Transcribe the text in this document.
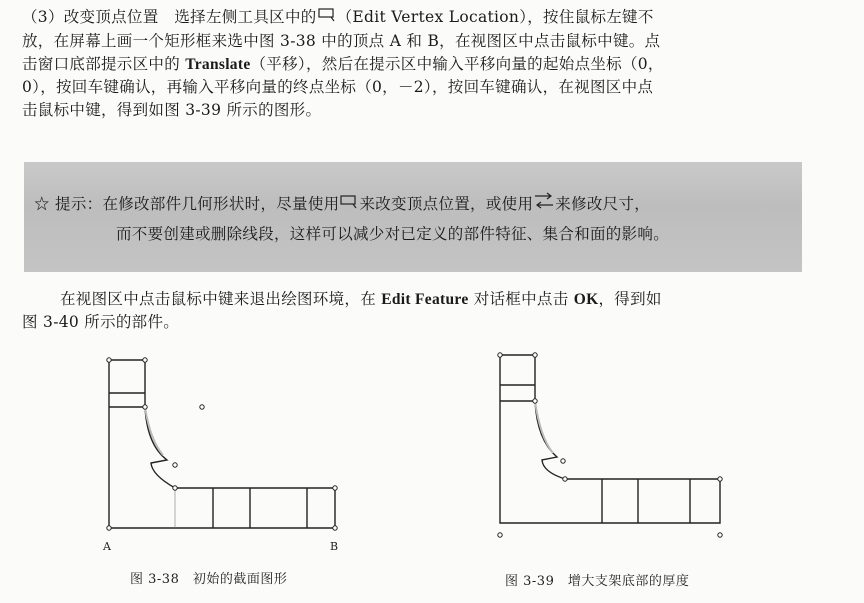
（3）改变顶点位置　选择左侧工具区中的 （Edit Vertex Location），按住鼠标左键不
放，在屏幕上画一个矩形框来选中图 3-38 中的顶点 A 和 B，在视图区中点击鼠标中键。点
击窗口底部提示区中的 Translate（平移），然后在提示区中输入平移向量的起始点坐标（0，
0），按回车键确认，再输入平移向量的终点坐标（0，－2），按回车键确认，在视图区中点
击鼠标中键，得到如图 3-39 所示的图形。
☆ 提示：在修改部件几何形状时，尽量使用 来改变顶点位置，或使用 来修改尺寸，
而不要创建或删除线段，这样可以减少对已定义的部件特征、集合和面的影响。
在视图区中点击鼠标中键来退出绘图环境，在 Edit Feature 对话框中点击 OK，得到如
图 3-40 所示的部件。
A	B
图 3-38　初始的截面图形	图 3-39　增大支架底部的厚度
